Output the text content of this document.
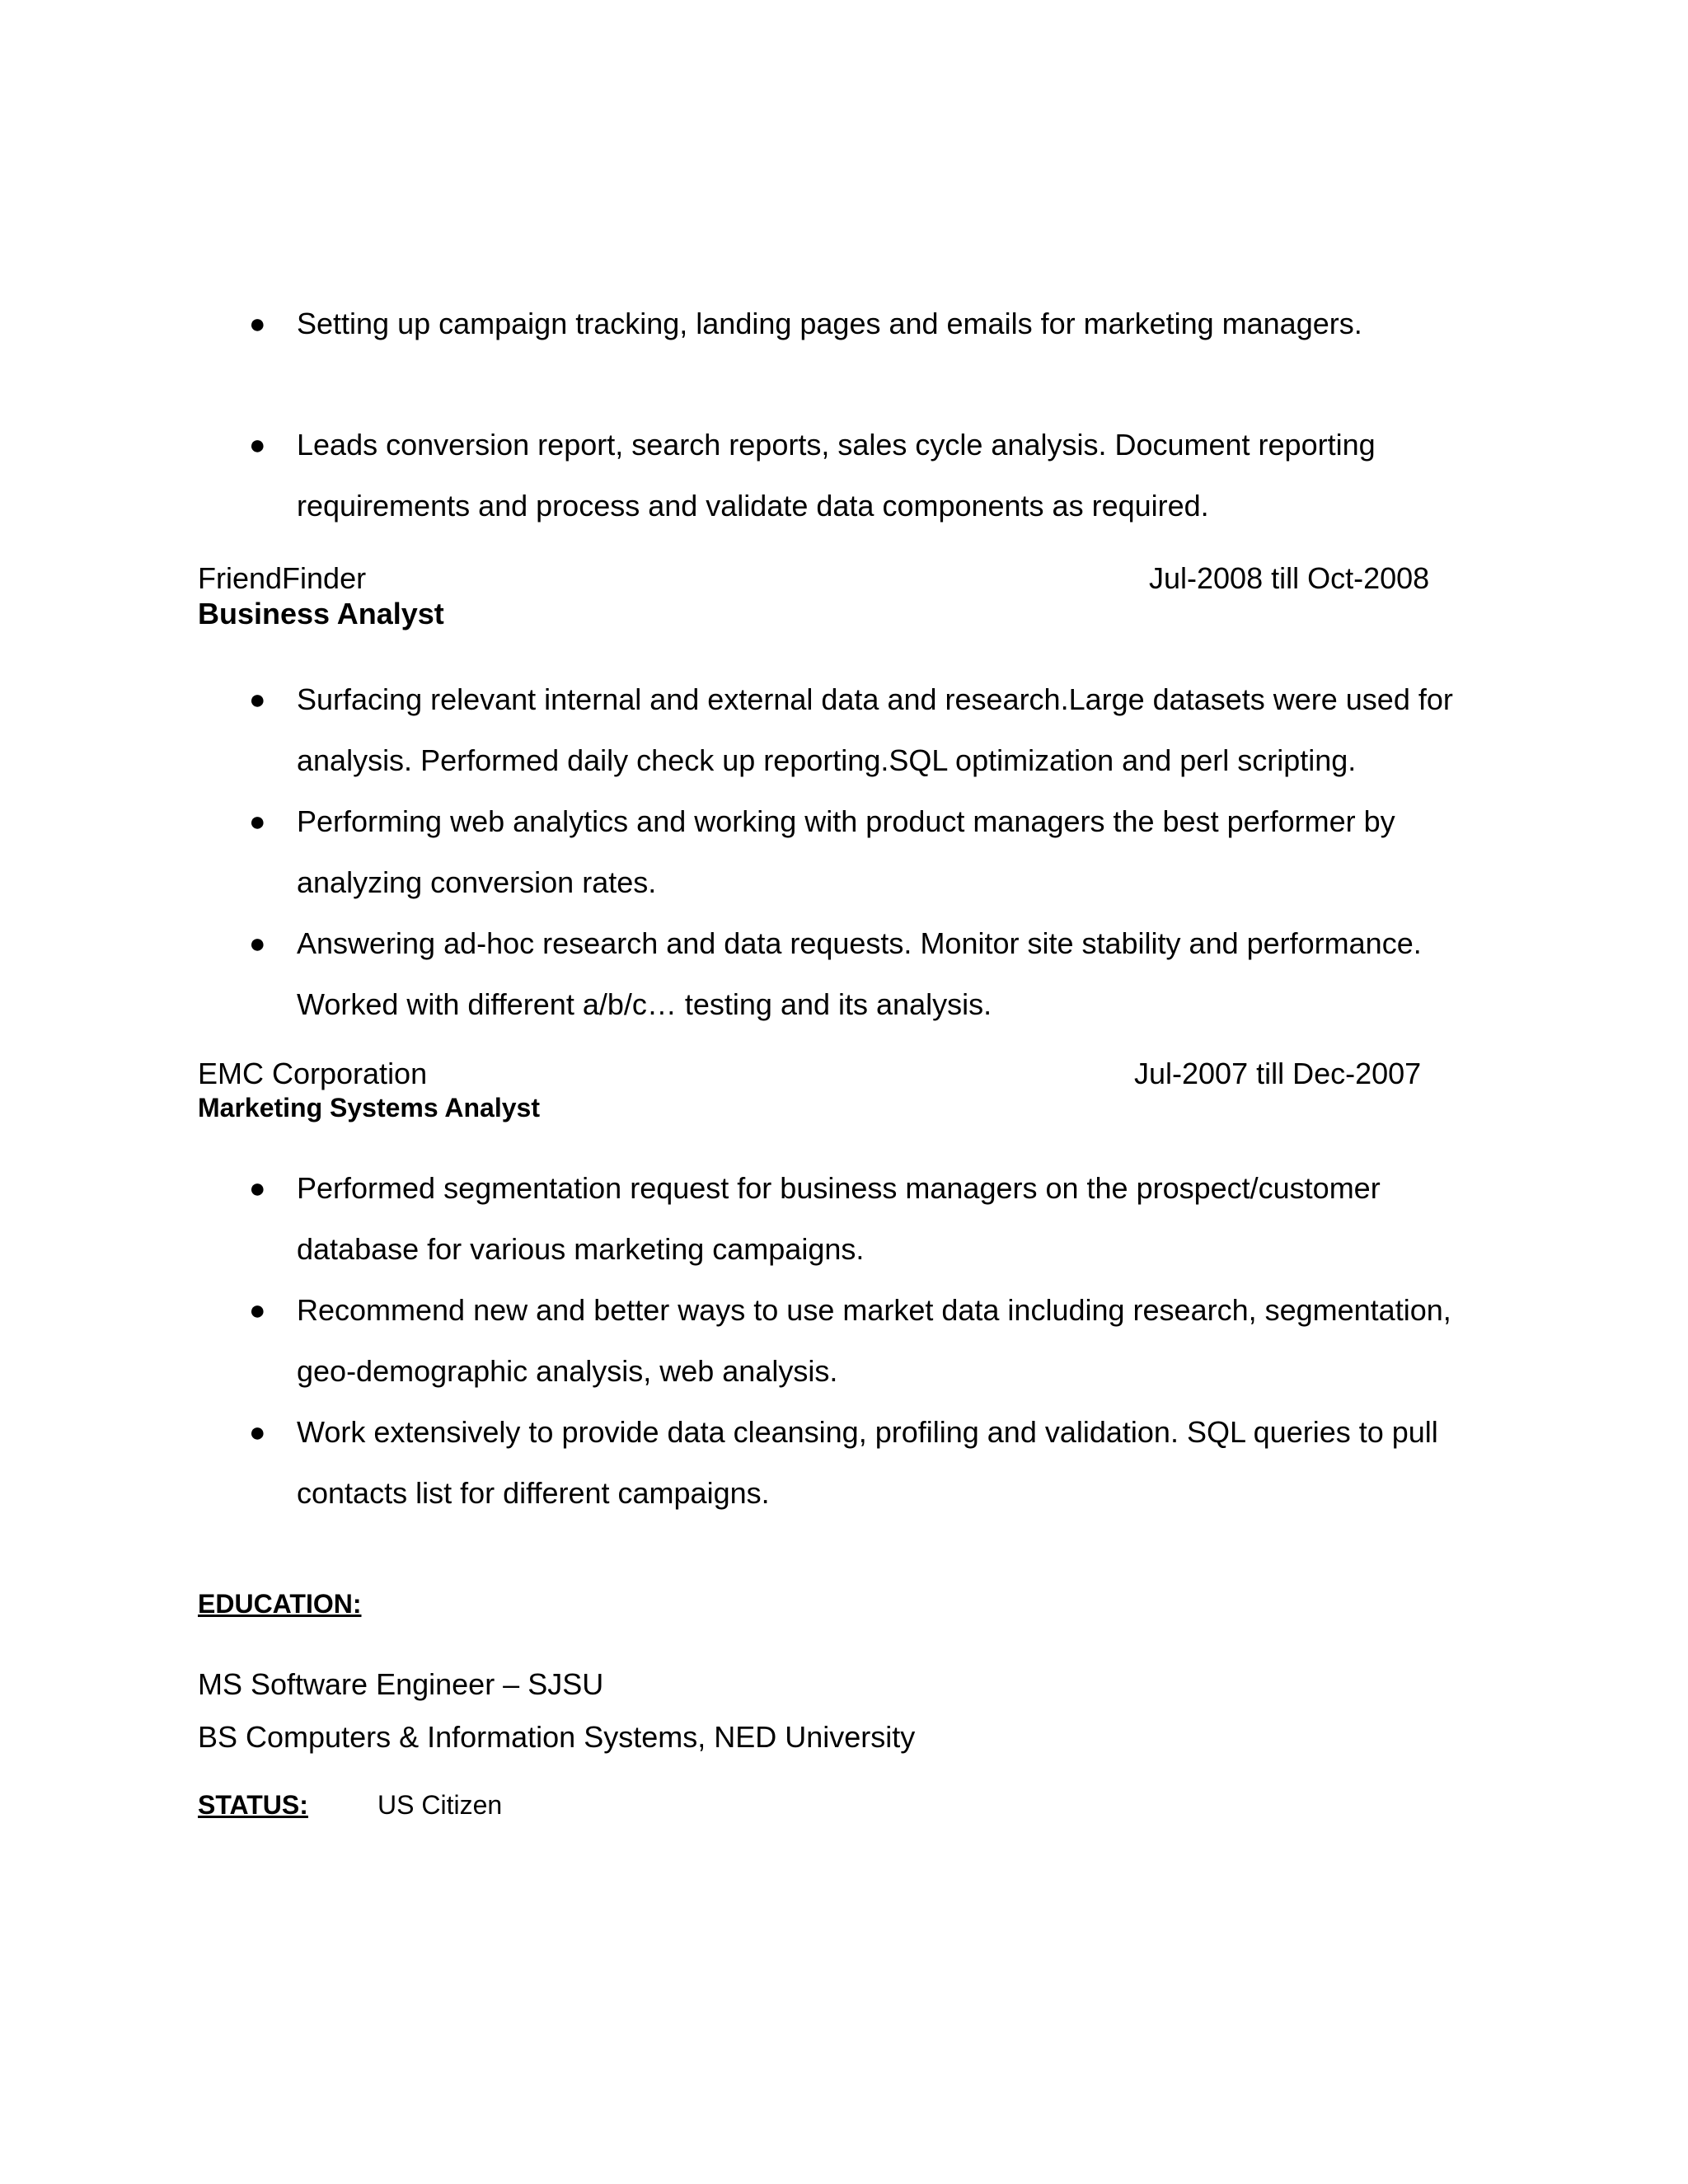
● Setting up campaign tracking, landing pages and emails for marketing managers.
● Leads conversion report, search reports, sales cycle analysis. Document reporting requirements and process and validate data components as required.
FriendFinder	Jul-2008 till Oct-2008
Business Analyst
● Surfacing relevant internal and external data and research.Large datasets were used for analysis. Performed daily check up reporting.SQL optimization and perl scripting.
● Performing web analytics and working with product managers the best performer by analyzing conversion rates.
● Answering ad-hoc research and data requests. Monitor site stability and performance. Worked with different a/b/c… testing and its analysis.
EMC Corporation	Jul-2007 till Dec-2007
Marketing Systems Analyst
● Performed segmentation request for business managers on the prospect/customer database for various marketing campaigns.
● Recommend new and better ways to use market data including research, segmentation, geo-demographic analysis, web analysis.
● Work extensively to provide data cleansing, profiling and validation. SQL queries to pull contacts list for different campaigns.
EDUCATION:
MS Software Engineer – SJSU
BS Computers & Information Systems, NED University
STATUS:	US Citizen
